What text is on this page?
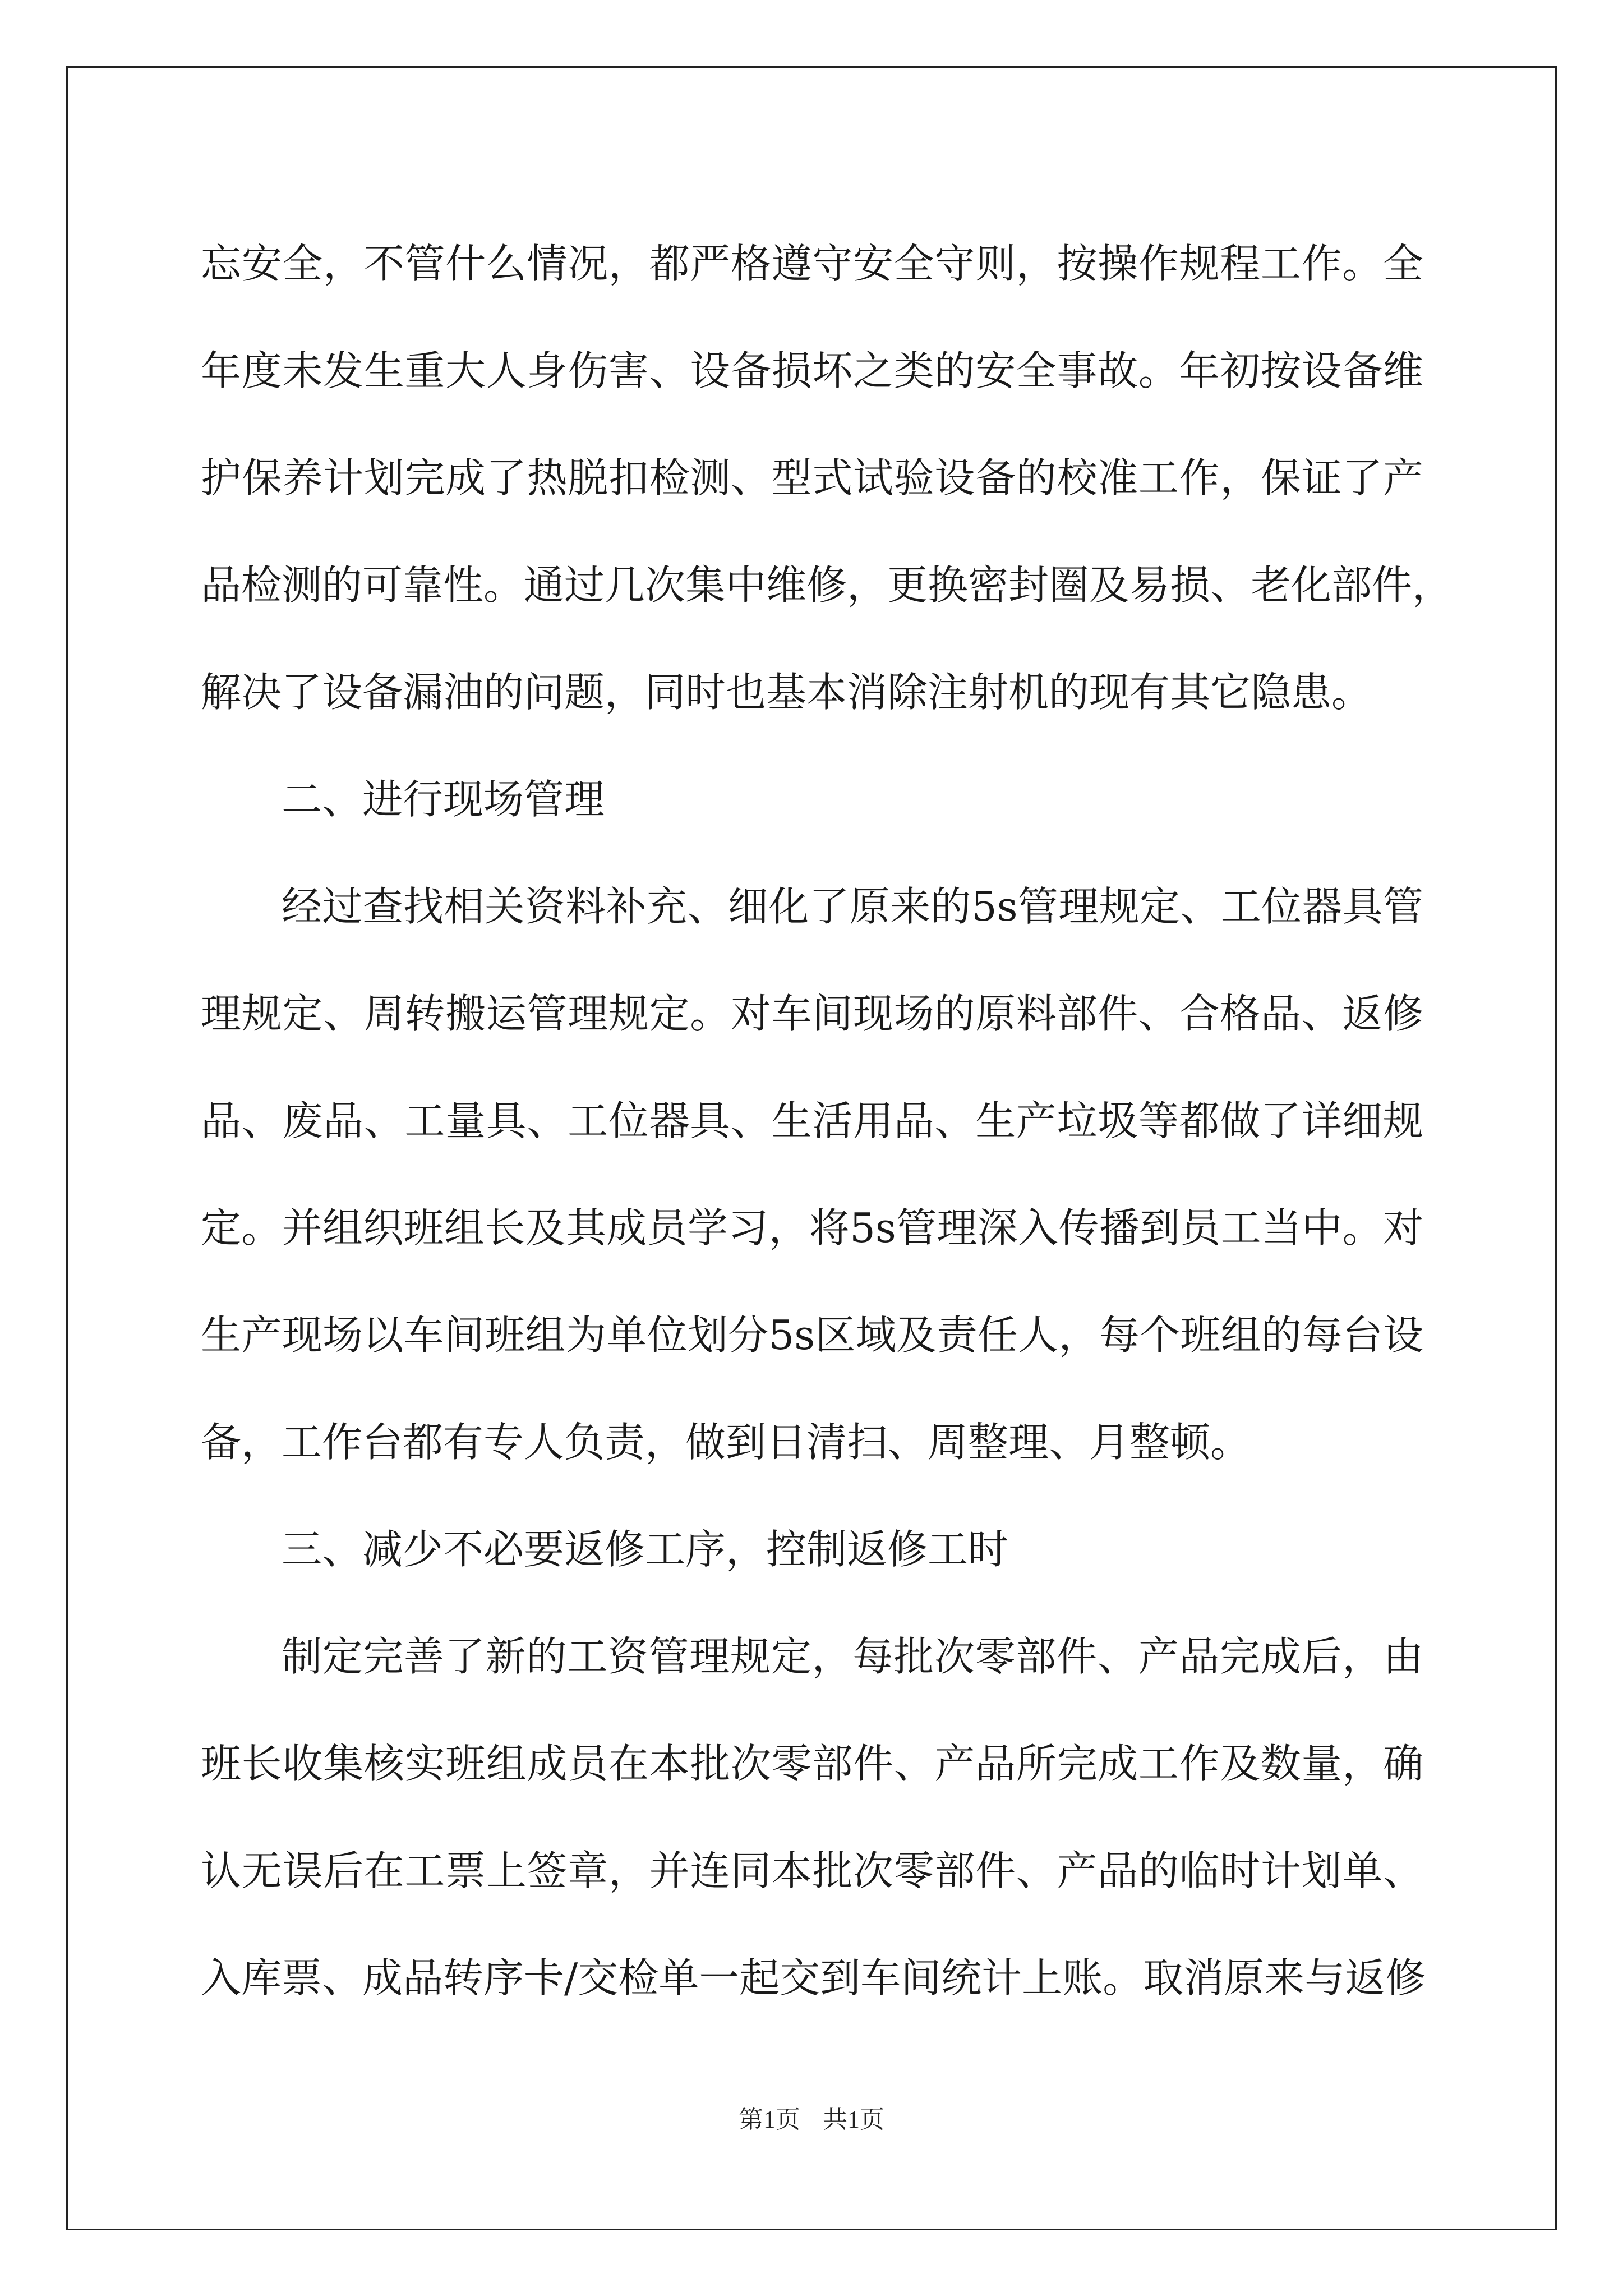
忘安全，不管什么情况，都严格遵守安全守则，按操作规程工作。全
年度未发生重大人身伤害、设备损坏之类的安全事故。年初按设备维
护保养计划完成了热脱扣检测、型式试验设备的校准工作，保证了产
品检测的可靠性。通过几次集中维修，更换密封圈及易损、老化部件，
解决了设备漏油的问题，同时也基本消除注射机的现有其它隐患。
二、进行现场管理
经过查找相关资料补充、细化了原来的5s管理规定、工位器具管
理规定、周转搬运管理规定。对车间现场的原料部件、合格品、返修
品、废品、工量具、工位器具、生活用品、生产垃圾等都做了详细规
定。并组织班组长及其成员学习，将5s管理深入传播到员工当中。对
生产现场以车间班组为单位划分5s区域及责任人，每个班组的每台设
备，工作台都有专人负责，做到日清扫、周整理、月整顿。
三、减少不必要返修工序，控制返修工时
制定完善了新的工资管理规定，每批次零部件、产品完成后，由
班长收集核实班组成员在本批次零部件、产品所完成工作及数量，确
认无误后在工票上签章，并连同本批次零部件、产品的临时计划单、
入库票、成品转序卡/交检单一起交到车间统计上账。取消原来与返修
第1页 共1页
